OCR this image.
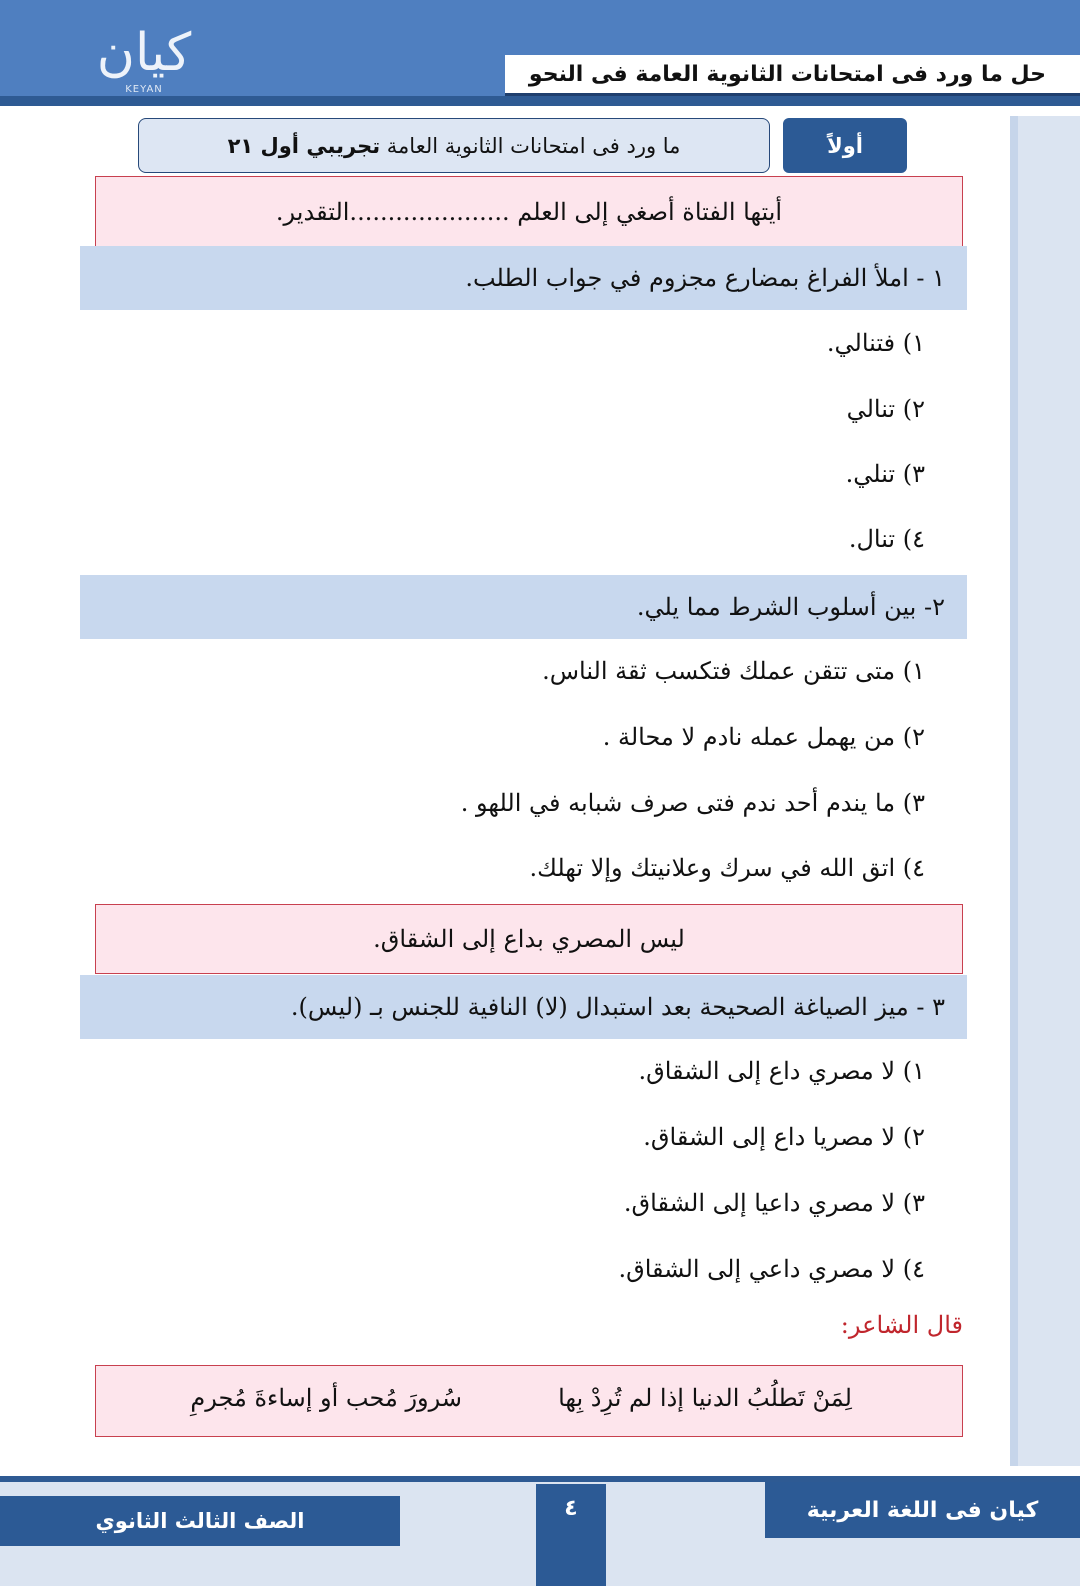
حل ما ورد فى امتحانات الثانوية العامة فى النحو
كيان
KEYAN
أولاً
ما ورد فى امتحانات الثانوية العامة

تجريبي أول ٢١
أيتها الفتاة أصغي إلى العلم .....................التقدير.
١ - املأ الفراغ بمضارع مجزوم في جواب الطلب.
١) فتنالي.
٢) تنالي
٣) تنلي.
٤) تنال.
٢- بين أسلوب الشرط مما يلي.
١) متى تتقن عملك فتكسب ثقة الناس.
٢) من يهمل عمله نادم لا محالة .
٣) ما يندم أحد ندم فتى صرف شبابه في اللهو .
٤) اتق الله في سرك وعلانيتك وإلا تهلك.
ليس المصري بداع إلى الشقاق.
٣ - ميز الصياغة الصحيحة بعد استبدال (لا) النافية للجنس بـ (ليس).
١) لا مصري داع إلى الشقاق.
٢) لا مصريا داع إلى الشقاق.
٣) لا مصري داعيا إلى الشقاق.
٤) لا مصري داعي إلى الشقاق.
قال الشاعر:
لِمَنْ تَطلُبُ الدنيا إذا لم تُرِدْ بِها
سُرورَ مُحب أو إساءةَ مُجرمِ
كيان فى اللغة العربية
٤
الصف الثالث الثانوي
